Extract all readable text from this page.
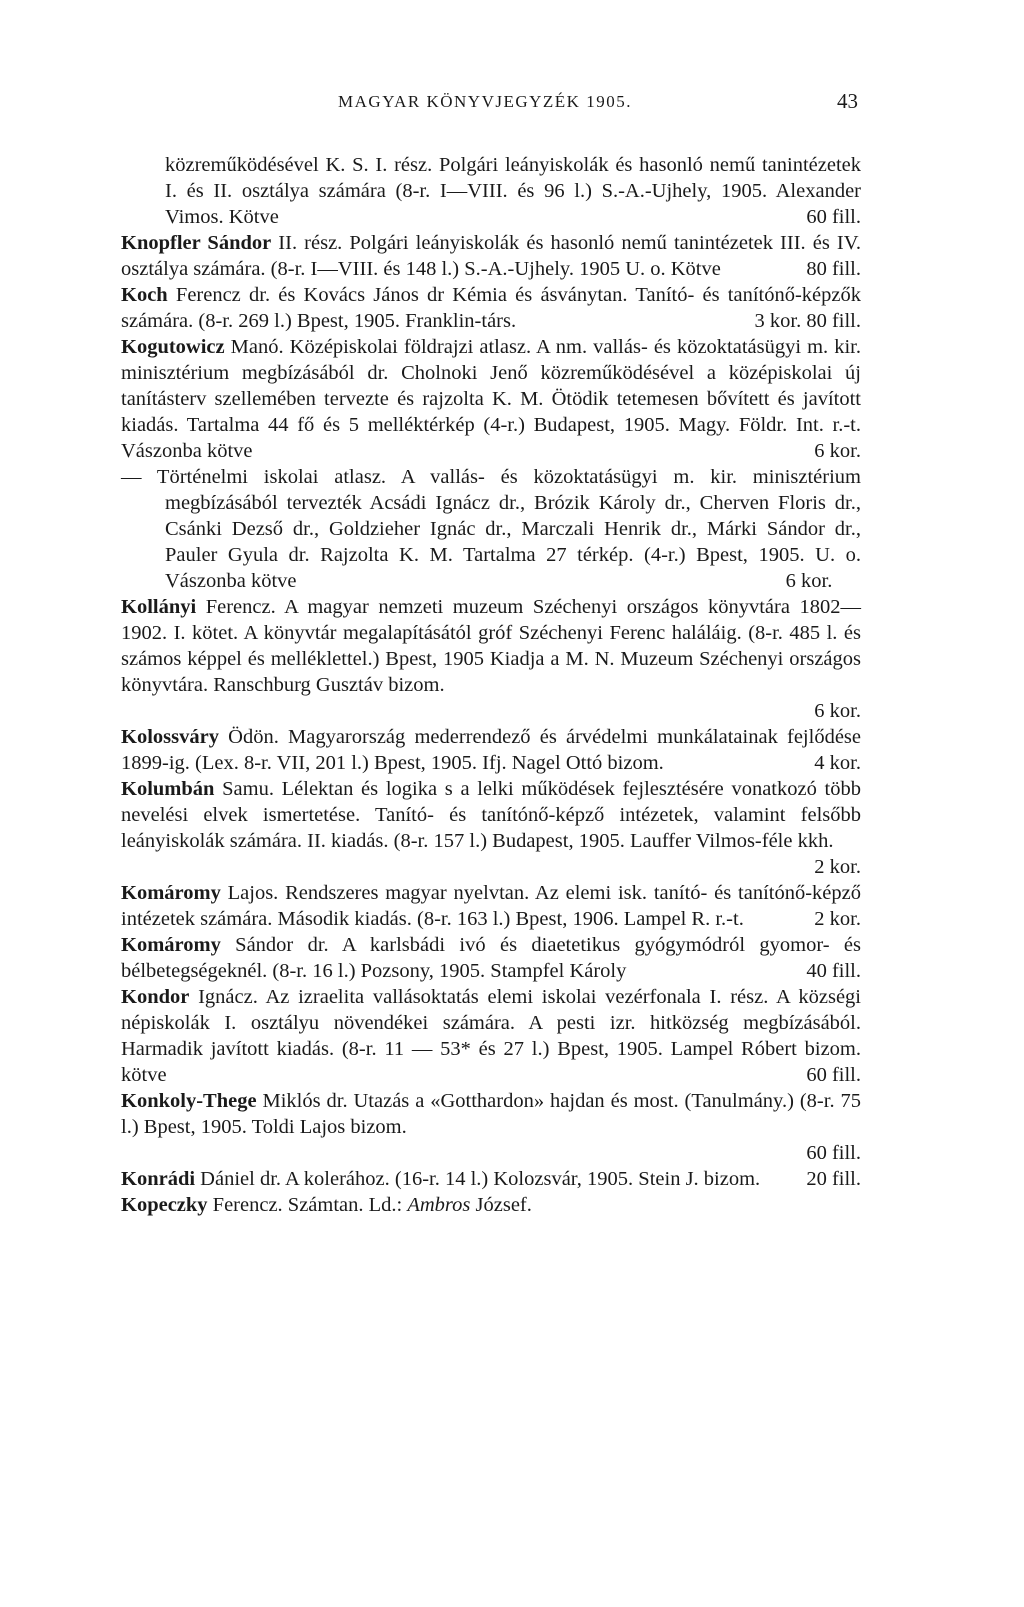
MAGYAR KÖNYVJEGYZÉK 1905.	43

közreműködésével K. S. I. rész. Polgári leányiskolák és hasonló nemű tanintézetek I. és II. osztálya számára (8-r. I—VIII. és 96 l.) S.-A.-Ujhely, 1905. Alexander Vimos. Kötve	60 fill.

Knopfler Sándor II. rész. Polgári leányiskolák és hasonló nemű tanintézetek III. és IV. osztálya számára. (8-r. I—VIII. és 148 l.) S.-A.-Ujhely. 1905 U. o. Kötve	80 fill.

Koch Ferencz dr. és Kovács János dr Kémia és ásványtan. Tanító- és tanítónő-képzők számára. (8-r. 269 l.) Bpest, 1905. Franklin-társ.	3 kor. 80 fill.

Kogutowicz Manó. Középiskolai földrajzi atlasz. A nm. vallás- és közoktatásügyi m. kir. minisztérium megbízásából dr. Cholnoki Jenő közreműködésével a középiskolai új tanításterv szellemében tervezte és rajzolta K. M. Ötödik tetemesen bővített és javított kiadás. Tartalma 44 fő és 5 melléktérkép (4-r.) Budapest, 1905. Magy. Földr. Int. r.-t. Vászonba kötve	6 kor.

— Történelmi iskolai atlasz. A vallás- és közoktatásügyi m. kir. minisztérium megbízásából tervezték Acsádi Ignácz dr., Brózik Károly dr., Cherven Floris dr., Csánki Dezső dr., Goldzieher Ignác dr., Marczali Henrik dr., Márki Sándor dr., Pauler Gyula dr. Rajzolta K. M. Tartalma 27 térkép. (4-r.) Bpest, 1905. U. o. Vászonba kötve	6 kor.

Kollányi Ferencz. A magyar nemzeti muzeum Széchenyi országos könyvtára 1802—1902. I. kötet. A könyvtár megalapításától gróf Széchenyi Ferenc haláláig. (8-r. 485 l. és számos képpel és melléklettel.) Bpest, 1905 Kiadja a M. N. Muzeum Széchenyi országos könyvtára. Ranschburg Gusztáv bizom.
6 kor.

Kolossváry Ödön. Magyarország mederrendező és árvédelmi munkálatainak fejlődése 1899-ig. (Lex. 8-r. VII, 201 l.) Bpest, 1905. Ifj. Nagel Ottó bizom.	4 kor.

Kolumbán Samu. Lélektan és logika s a lelki működések fejlesztésére vonatkozó több nevelési elvek ismertetése. Tanító- és tanítónő-képző intézetek, valamint felsőbb leányiskolák számára. II. kiadás. (8-r. 157 l.) Budapest, 1905. Lauffer Vilmos-féle kkh.
2 kor.

Komáromy Lajos. Rendszeres magyar nyelvtan. Az elemi isk. tanító- és tanítónő-képző intézetek számára. Második kiadás. (8-r. 163 l.) Bpest, 1906. Lampel R. r.-t.	2 kor.

Komáromy Sándor dr. A karlsbádi ivó és diaetetikus gyógymódról gyomor- és bélbetegségeknél. (8-r. 16 l.) Pozsony, 1905. Stampfel Károly	40 fill.

Kondor Ignácz. Az izraelita vallásoktatás elemi iskolai vezérfonala I. rész. A községi népiskolák I. osztályu növendékei számára. A pesti izr. hitközség megbízásából. Harmadik javított kiadás. (8-r. 11 — 53* és 27 l.) Bpest, 1905. Lampel Róbert bizom. kötve	60 fill.

Konkoly-Thege Miklós dr. Utazás a «Gotthardon» hajdan és most. (Tanulmány.) (8-r. 75 l.) Bpest, 1905. Toldi Lajos bizom.
60 fill.

Konrádi Dániel dr. A kolerához. (16-r. 14 l.) Kolozsvár, 1905. Stein J. bizom. 20 fill.

Kopeczky Ferencz. Számtan. Ld.: Ambros József.
